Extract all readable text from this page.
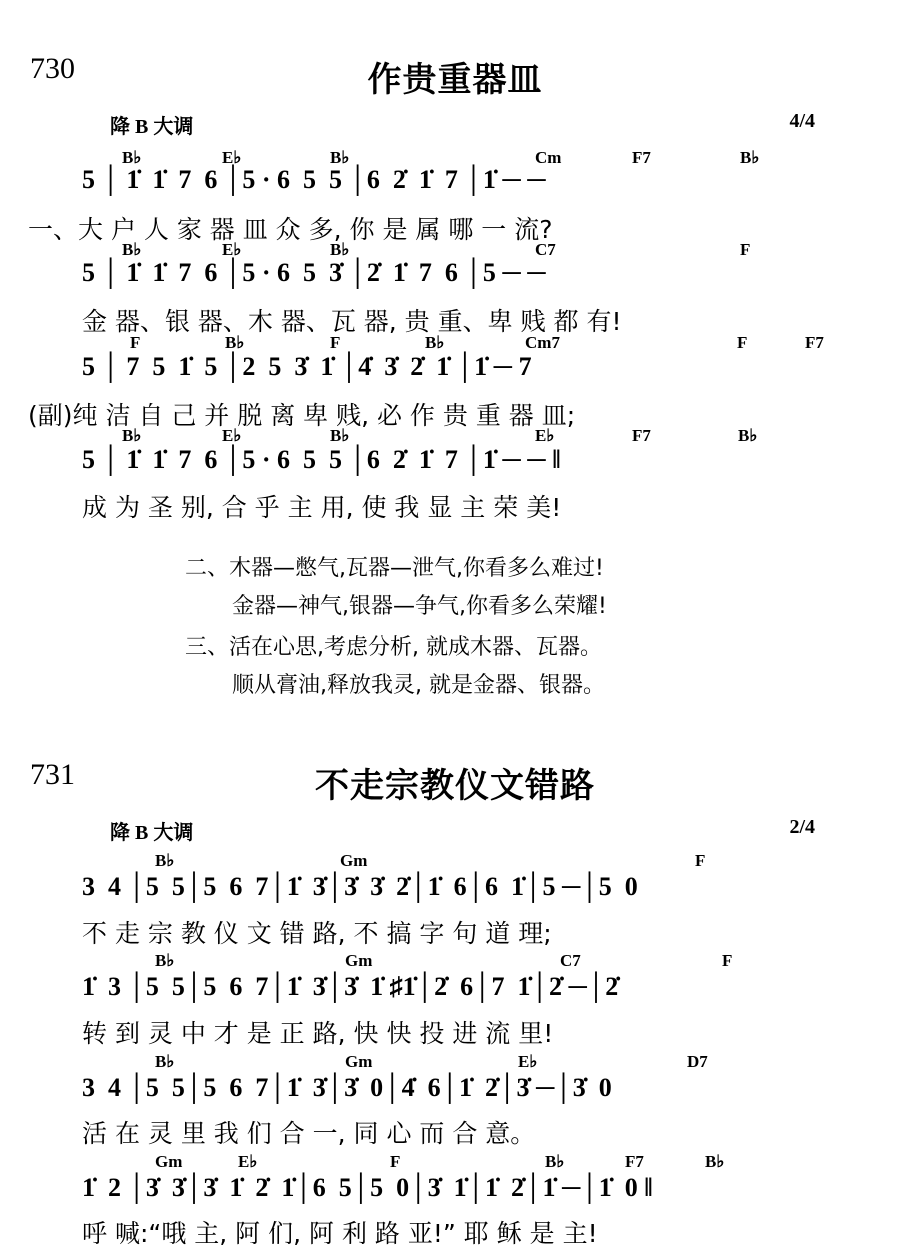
730	作贵重器皿
降 B 大调	4/4
B♭	E♭	B♭	Cm	F7	B♭
5 │ 1̇  1̇  7  6 │5 · 6  5  5 │6  2̇  1̇  7 │1̇ ─ ─
一、大 户 人 家 器 皿 众 多, 你 是 属 哪 一 流?
B♭	E♭	B♭	C7	F
5 │ 1̇  1̇  7  6 │5 · 6  5  3̇ │2̇  1̇  7  6 │5 ─ ─
金 器、银 器、木 器、瓦 器, 贵 重、卑 贱 都 有!
F	B♭	F	B♭	Cm7	F	F7
5 │ 7  5  1̇  5 │2  5  3̇  1̇ │4̇  3̇  2̇  1̇ │1̇ ─ 7
(副)纯 洁 自 己 并 脱 离 卑 贱, 必 作 贵 重 器 皿;
B♭	E♭	B♭	E♭	F7	B♭
5 │ 1̇  1̇  7  6 │5 · 6  5  5 │6  2̇  1̇  7 │1̇ ─ ─ ‖
成 为 圣 别, 合 乎 主 用, 使 我 显 主 荣 美!
二、木器—憋气,瓦器—泄气,你看多么难过!
金器—神气,银器—争气,你看多么荣耀!
三、活在心思,考虑分析, 就成木器、瓦器。
顺从膏油,释放我灵, 就是金器、银器。
731	不走宗教仪文错路
降 B 大调	2/4
B♭	Gm	F
3  4 │5  5│5  6  7│1̇  3̇│3̇  3̇  2̇│1̇  6│6  1̇│5 ─│5  0
不 走 宗 教 仪 文 错 路, 不 搞 字 句 道 理;
B♭	Gm	C7	F
1̇  3 │5  5│5  6  7│1̇  3̇│3̇  1̇ ♯1̇│2̇  6│7  1̇│2̇ ─│2̇
转 到 灵 中 才 是 正 路, 快 快 投 进 流 里!
B♭	Gm	E♭	D7
3  4 │5  5│5  6  7│1̇  3̇│3̇  0│4̇  6│1̇  2̇│3̇ ─│3̇  0
活 在 灵 里 我 们 合 一, 同 心 而 合 意。
Gm	E♭	F	B♭	F7	B♭
1̇  2 │3̇  3̇│3̇  1̇  2̇  1̇│6  5│5  0│3̇  1̇│1̇  2̇│1̇ ─│1̇  0 ‖
呼 喊:“哦 主, 阿 们, 阿 利 路 亚!” 耶 稣 是 主!
